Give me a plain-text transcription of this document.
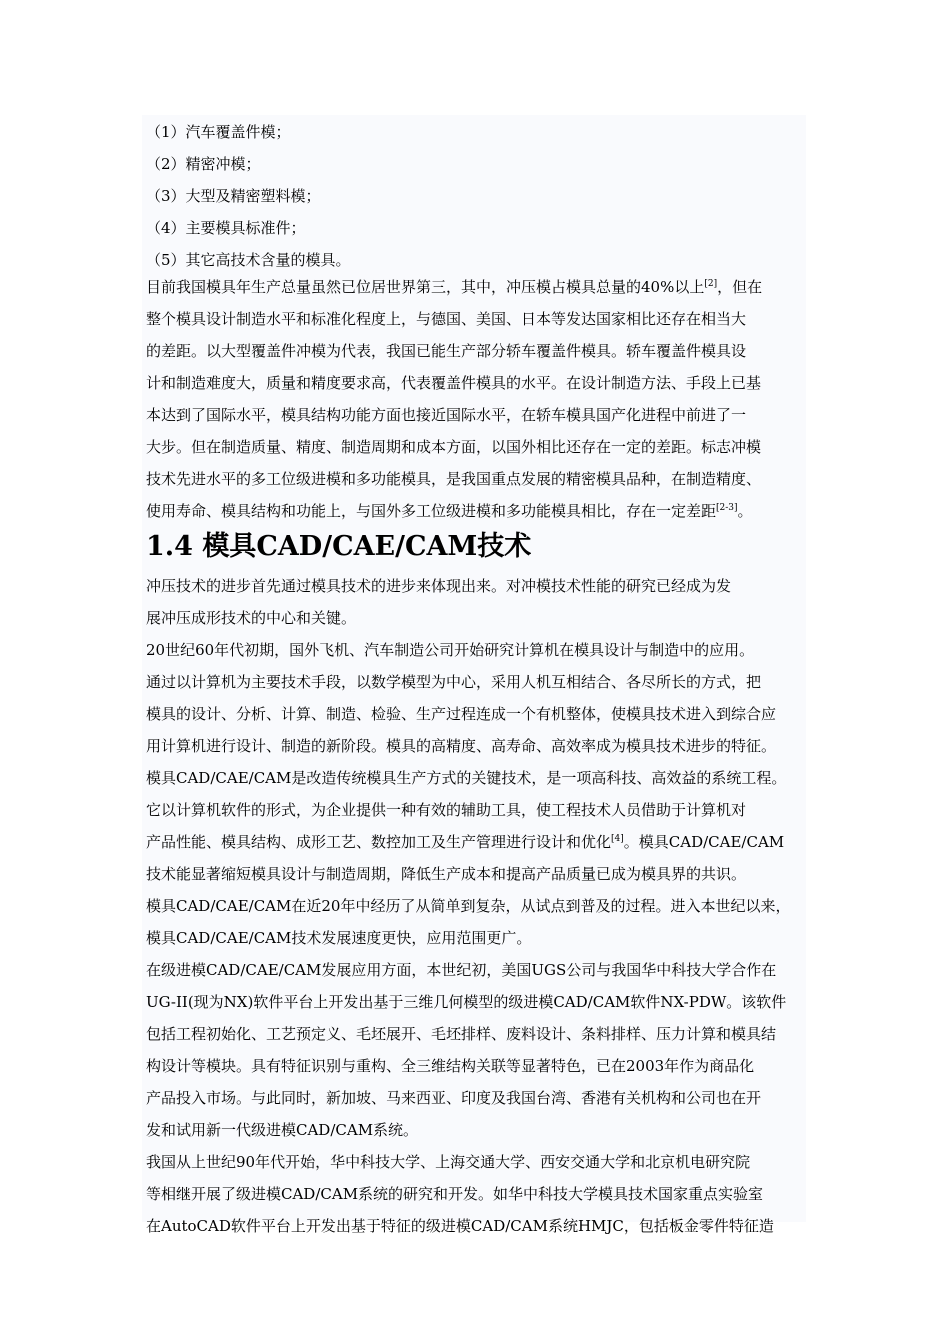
（1）汽车覆盖件模；
（2）精密冲模；
（3）大型及精密塑料模；
（4）主要模具标准件；
（5）其它高技术含量的模具。
目前我国模具年生产总量虽然已位居世界第三，其中，冲压模占模具总量的40%以上[2]，但在
整个模具设计制造水平和标准化程度上，与德国、美国、日本等发达国家相比还存在相当大
的差距。以大型覆盖件冲模为代表，我国已能生产部分轿车覆盖件模具。轿车覆盖件模具设
计和制造难度大，质量和精度要求高，代表覆盖件模具的水平。在设计制造方法、手段上已基
本达到了国际水平，模具结构功能方面也接近国际水平，在轿车模具国产化进程中前进了一
大步。但在制造质量、精度、制造周期和成本方面，以国外相比还存在一定的差距。标志冲模
技术先进水平的多工位级进模和多功能模具，是我国重点发展的精密模具品种，在制造精度、
使用寿命、模具结构和功能上，与国外多工位级进模和多功能模具相比，存在一定差距[2-3]。
1.4 模具CAD/CAE/CAM技术
冲压技术的进步首先通过模具技术的进步来体现出来。对冲模技术性能的研究已经成为发
展冲压成形技术的中心和关键。
20世纪60年代初期，国外飞机、汽车制造公司开始研究计算机在模具设计与制造中的应用。
通过以计算机为主要技术手段，以数学模型为中心，采用人机互相结合、各尽所长的方式，把
模具的设计、分析、计算、制造、检验、生产过程连成一个有机整体，使模具技术进入到综合应
用计算机进行设计、制造的新阶段。模具的高精度、高寿命、高效率成为模具技术进步的特征。
模具CAD/CAE/CAM是改造传统模具生产方式的关键技术，是一项高科技、高效益的系统工程。
它以计算机软件的形式，为企业提供一种有效的辅助工具，使工程技术人员借助于计算机对
产品性能、模具结构、成形工艺、数控加工及生产管理进行设计和优化[4]。模具CAD/CAE/CAM
技术能显著缩短模具设计与制造周期，降低生产成本和提高产品质量已成为模具界的共识。
模具CAD/CAE/CAM在近20年中经历了从简单到复杂，从试点到普及的过程。进入本世纪以来，
模具CAD/CAE/CAM技术发展速度更快，应用范围更广。
在级进模CAD/CAE/CAM发展应用方面，本世纪初，美国UGS公司与我国华中科技大学合作在
UG-II(现为NX)软件平台上开发出基于三维几何模型的级进模CAD/CAM软件NX-PDW。该软件
包括工程初始化、工艺预定义、毛坯展开、毛坯排样、废料设计、条料排样、压力计算和模具结
构设计等模块。具有特征识别与重构、全三维结构关联等显著特色，已在2003年作为商品化
产品投入市场。与此同时，新加坡、马来西亚、印度及我国台湾、香港有关机构和公司也在开
发和试用新一代级进模CAD/CAM系统。
我国从上世纪90年代开始，华中科技大学、上海交通大学、西安交通大学和北京机电研究院
等相继开展了级进模CAD/CAM系统的研究和开发。如华中科技大学模具技术国家重点实验室
在AutoCAD软件平台上开发出基于特征的级进模CAD/CAM系统HMJC，包括板金零件特征造
